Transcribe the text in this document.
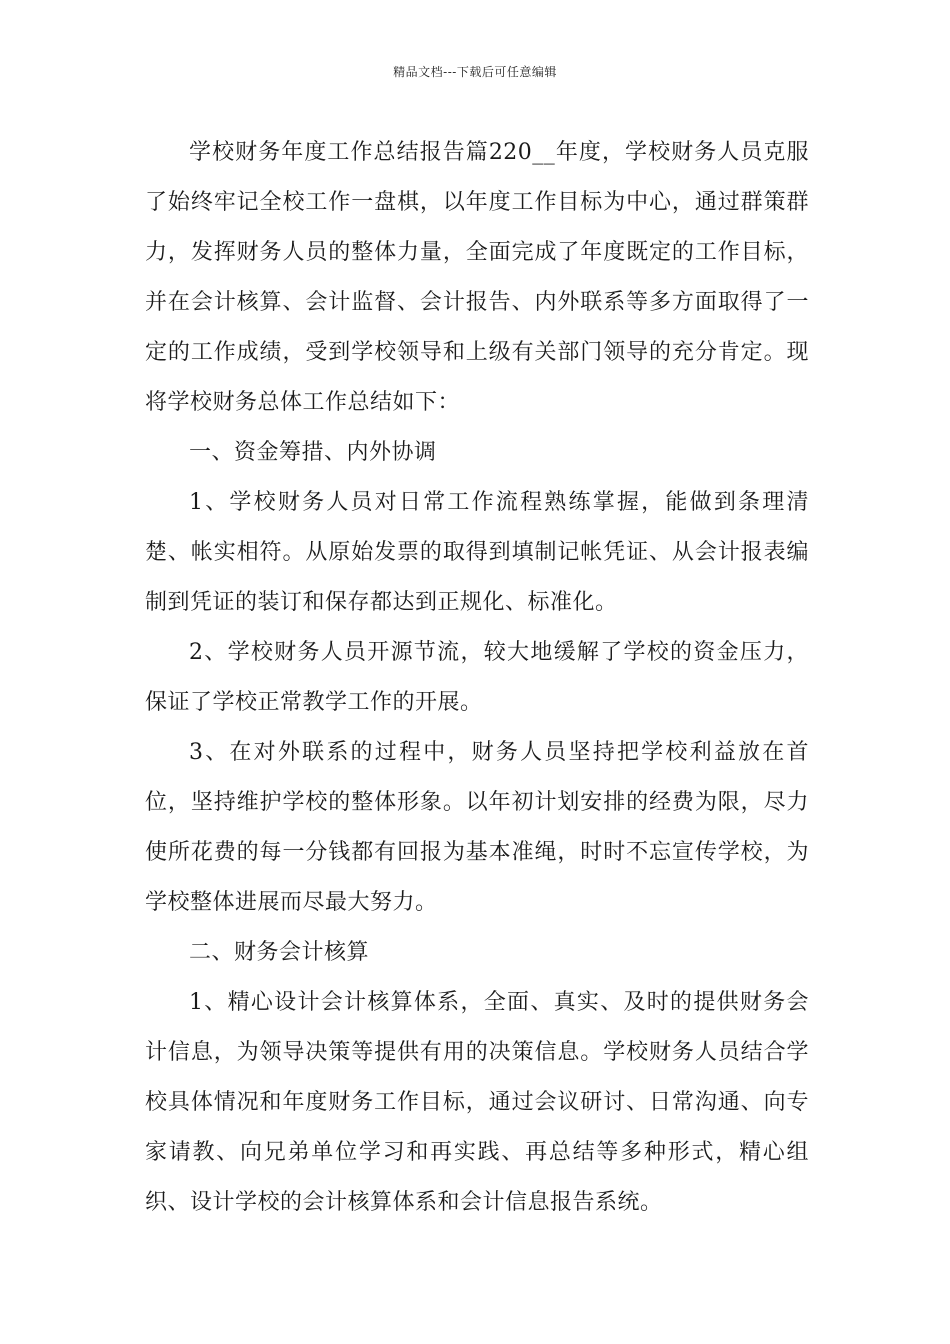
精品文档---下载后可任意编辑

学校财务年度工作总结报告篇220__年度，学校财务人员克服了始终牢记全校工作一盘棋，以年度工作目标为中心，通过群策群力，发挥财务人员的整体力量，全面完成了年度既定的工作目标，并在会计核算、会计监督、会计报告、内外联系等多方面取得了一定的工作成绩，受到学校领导和上级有关部门领导的充分肯定。现将学校财务总体工作总结如下：

一、资金筹措、内外协调

1、学校财务人员对日常工作流程熟练掌握，能做到条理清楚、帐实相符。从原始发票的取得到填制记帐凭证、从会计报表编制到凭证的装订和保存都达到正规化、标准化。

2、学校财务人员开源节流，较大地缓解了学校的资金压力，保证了学校正常教学工作的开展。

3、在对外联系的过程中，财务人员坚持把学校利益放在首位，坚持维护学校的整体形象。以年初计划安排的经费为限，尽力使所花费的每一分钱都有回报为基本准绳，时时不忘宣传学校，为学校整体进展而尽最大努力。

二、财务会计核算

1、精心设计会计核算体系，全面、真实、及时的提供财务会计信息，为领导决策等提供有用的决策信息。学校财务人员结合学校具体情况和年度财务工作目标，通过会议研讨、日常沟通、向专家请教、向兄弟单位学习和再实践、再总结等多种形式，精心组织、设计学校的会计核算体系和会计信息报告系统。
